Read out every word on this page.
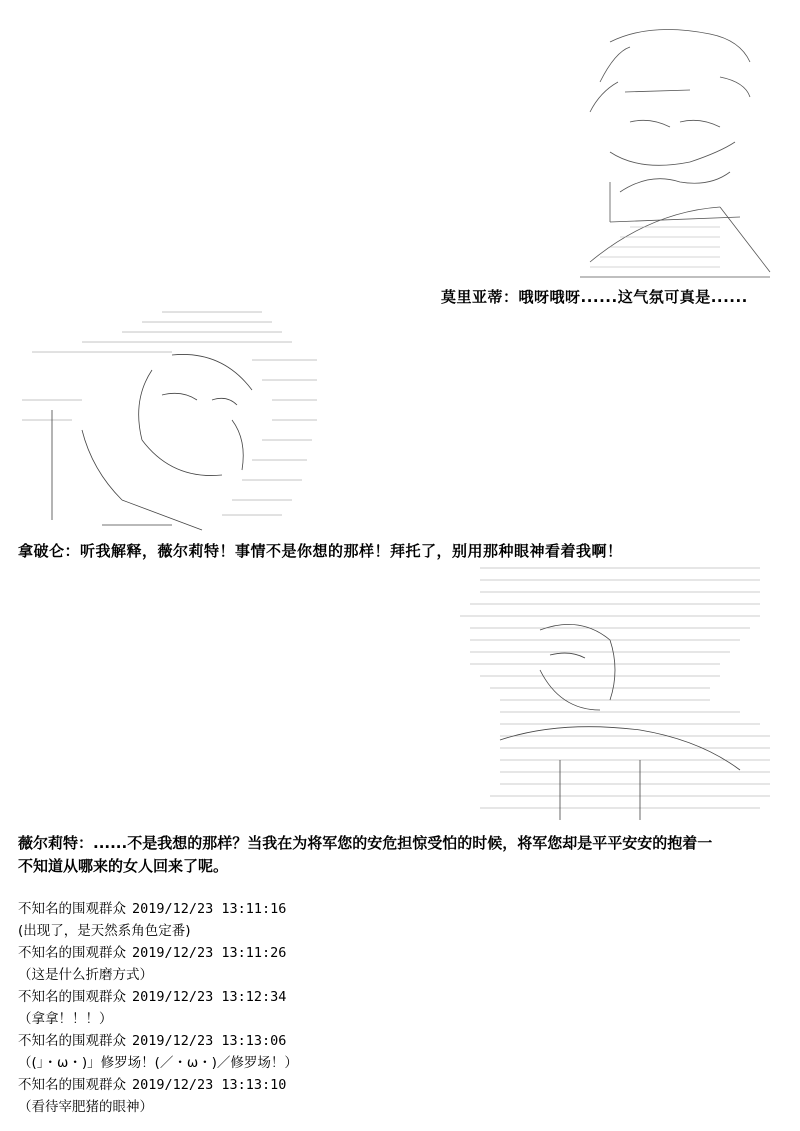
莫里亚蒂：哦呀哦呀......这气氛可真是......
拿破仑：听我解释，薇尔莉特！事情不是你想的那样！拜托了，别用那种眼神看着我啊！
薇尔莉特：......不是我想的那样？当我在为将军您的安危担惊受怕的时候，将军您却是平平安安的抱着一
不知道从哪来的女人回来了呢。
不知名的围观群众 2019/12/23 13:11:16
(出现了，是天然系角色定番)
不知名的围观群众 2019/12/23 13:11:26
（这是什么折磨方式）
不知名的围观群众 2019/12/23 13:12:34
（拿拿！！！）
不知名的围观群众 2019/12/23 13:13:06
（(」・ω・)」修罗场！(／・ω・)／修罗场！）
不知名的围观群众 2019/12/23 13:13:10
（看待宰肥猪的眼神）
